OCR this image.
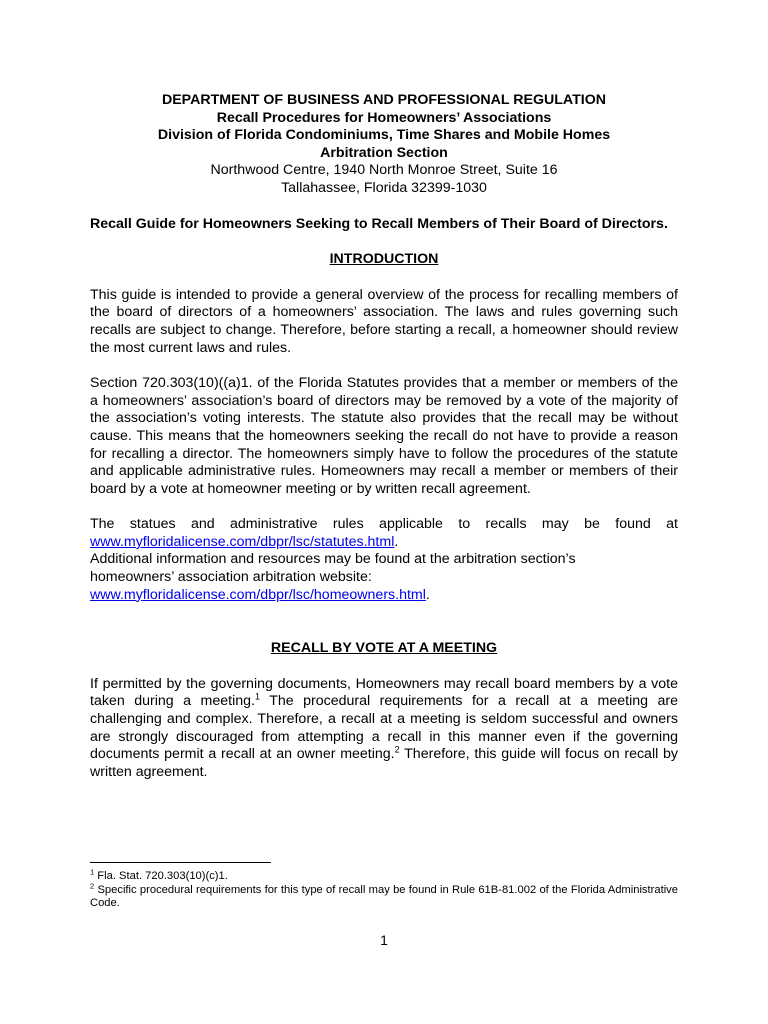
DEPARTMENT OF BUSINESS AND PROFESSIONAL REGULATION
Recall Procedures for Homeowners’ Associations
Division of Florida Condominiums, Time Shares and Mobile Homes
Arbitration Section
Northwood Centre, 1940 North Monroe Street, Suite 16
Tallahassee, Florida 32399-1030
Recall Guide for Homeowners Seeking to Recall Members of Their Board of Directors.
INTRODUCTION

This guide is intended to provide a general overview of the process for recalling members of the board of directors of a homeowners’ association. The laws and rules governing such recalls are subject to change. Therefore, before starting a recall, a homeowner should review the most current laws and rules.

Section 720.303(10)((a)1. of the Florida Statutes provides that a member or members of the a homeowners’ association’s board of directors may be removed by a vote of the majority of the association’s voting interests. The statute also provides that the recall may be without cause. This means that the homeowners seeking the recall do not have to provide a reason for recalling a director. The homeowners simply have to follow the procedures of the statute and applicable administrative rules. Homeowners may recall a member or members of their board by a vote at homeowner meeting or by written recall agreement.

The statues and administrative rules applicable to recalls may be found at www.myfloridalicense.com/dbpr/lsc/statutes.html.

Additional information and resources may be found at the arbitration section’s
homeowners’ association arbitration website:
www.myfloridalicense.com/dbpr/lsc/homeowners.html.
RECALL BY VOTE AT A MEETING

If permitted by the governing documents, Homeowners may recall board members by a vote taken during a meeting.$^1$ The procedural requirements for a recall at a meeting are challenging and complex. Therefore, a recall at a meeting is seldom successful and owners are strongly discouraged from attempting a recall in this manner even if the governing documents permit a recall at an owner meeting.$^2$ Therefore, this guide will focus on recall by written agreement.

$^1$ Fla. Stat. 720.303(10)(c)1.
$^2$ Specific procedural requirements for this type of recall may be found in Rule 61B-81.002 of the Florida Administrative Code.
1
